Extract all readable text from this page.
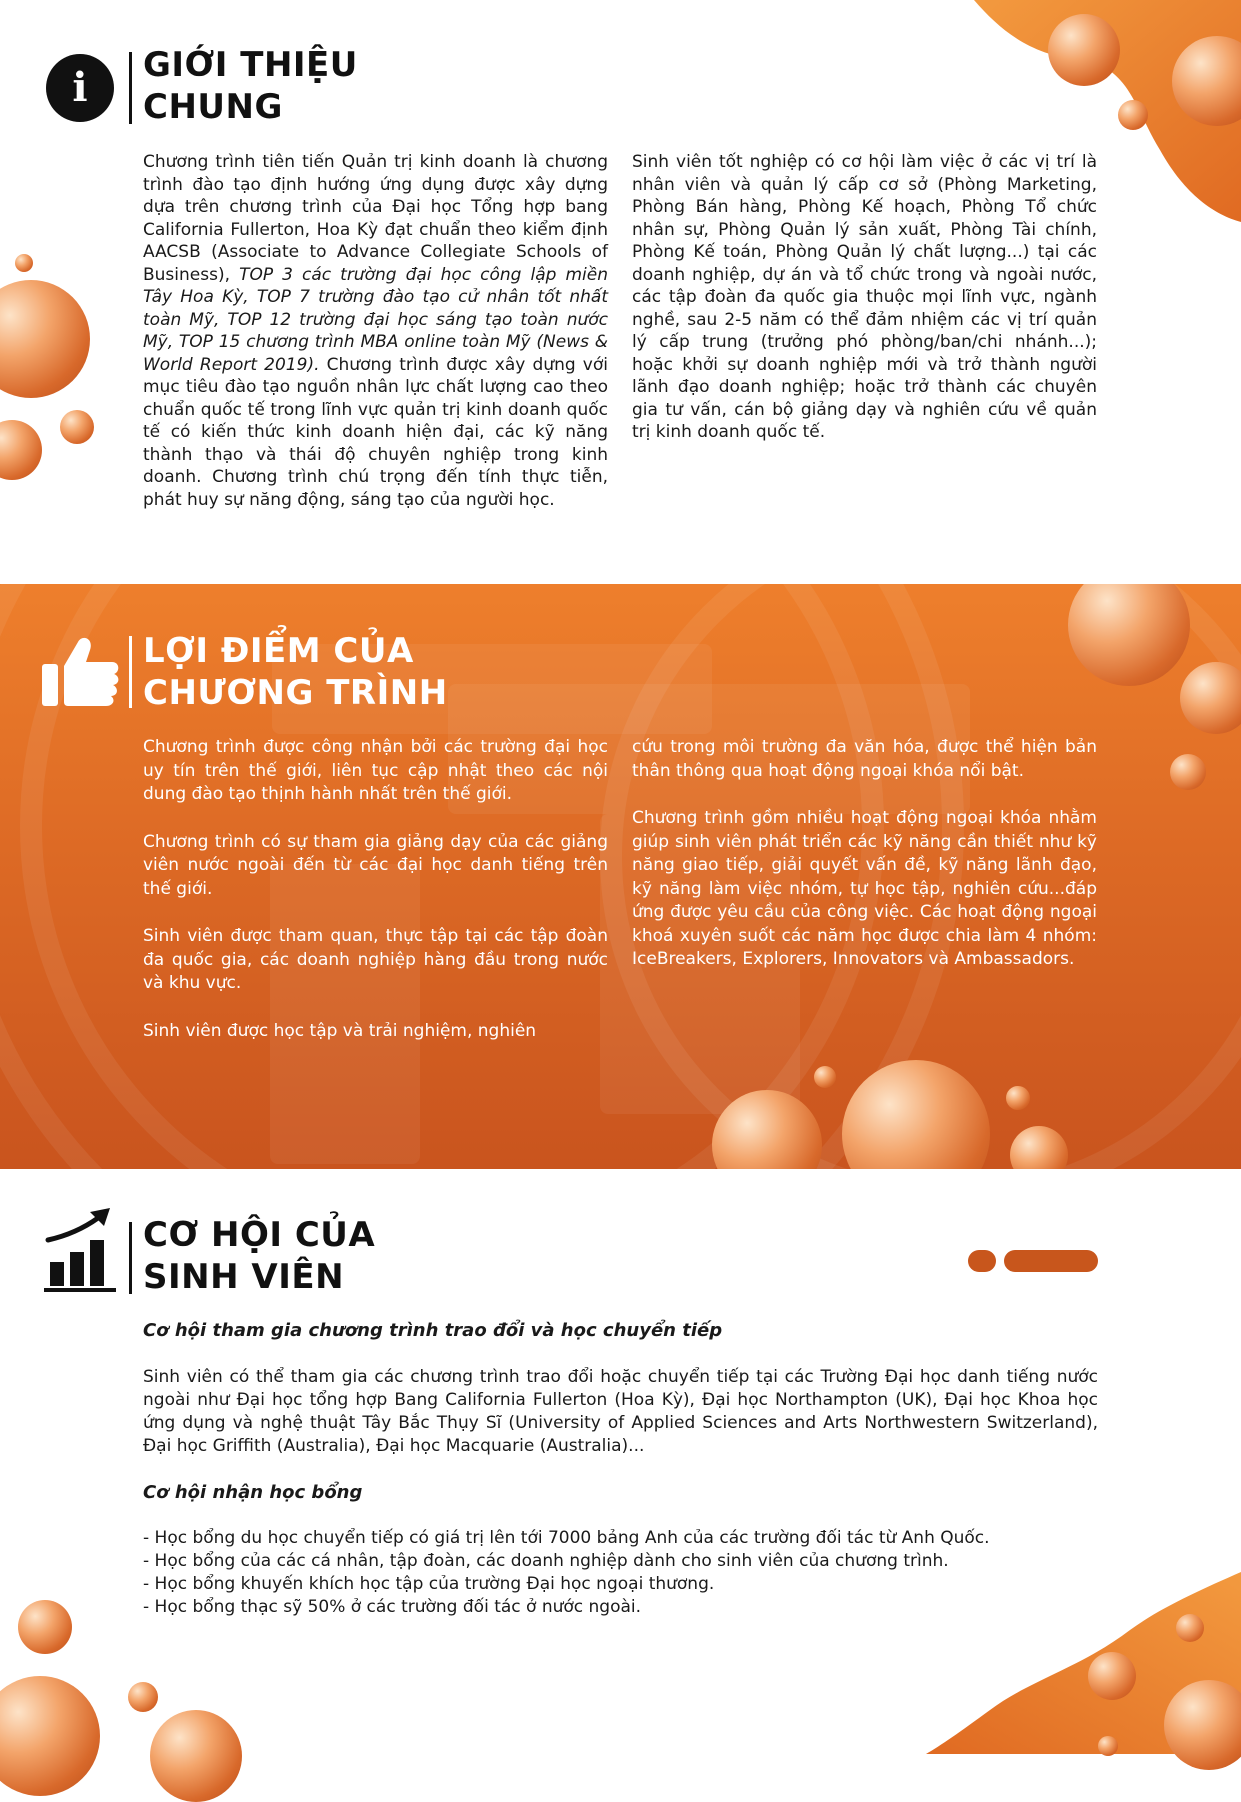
i	GIỚI THIỆU
CHUNG
Chương trình tiên tiến Quản trị kinh doanh là chương trình đào tạo định hướng ứng dụng được xây dựng dựa trên chương trình của Đại học Tổng hợp bang California Fullerton, Hoa Kỳ đạt chuẩn theo kiểm định AACSB (Associate to Advance Collegiate Schools of Business), TOP 3 các trường đại học công lập miền Tây Hoa Kỳ, TOP 7 trường đào tạo cử nhân tốt nhất toàn Mỹ, TOP 12 trường đại học sáng tạo toàn nước Mỹ, TOP 15 chương trình MBA online toàn Mỹ (News & World Report 2019). Chương trình được xây dựng với mục tiêu đào tạo nguồn nhân lực chất lượng cao theo chuẩn quốc tế trong lĩnh vực quản trị kinh doanh quốc tế có kiến thức kinh doanh hiện đại, các kỹ năng thành thạo và thái độ chuyên nghiệp trong kinh doanh. Chương trình chú trọng đến tính thực tiễn, phát huy sự năng động, sáng tạo của người học.
Sinh viên tốt nghiệp có cơ hội làm việc ở các vị trí là nhân viên và quản lý cấp cơ sở (Phòng Marketing, Phòng Bán hàng, Phòng Kế hoạch, Phòng Tổ chức nhân sự, Phòng Quản lý sản xuất, Phòng Tài chính, Phòng Kế toán, Phòng Quản lý chất lượng...) tại các doanh nghiệp, dự án và tổ chức trong và ngoài nước, các tập đoàn đa quốc gia thuộc mọi lĩnh vực, ngành nghề, sau 2-5 năm có thể đảm nhiệm các vị trí quản lý cấp trung (trưởng phó phòng/ban/chi nhánh...); hoặc khởi sự doanh nghiệp mới và trở thành người lãnh đạo doanh nghiệp; hoặc trở thành các chuyên gia tư vấn, cán bộ giảng dạy và nghiên cứu về quản trị kinh doanh quốc tế.
LỢI ĐIỂM CỦA
CHƯƠNG TRÌNH

Chương trình được công nhận bởi các trường đại học uy tín trên thế giới, liên tục cập nhật theo các nội dung đào tạo thịnh hành nhất trên thế giới.

Chương trình có sự tham gia giảng dạy của các giảng viên nước ngoài đến từ các đại học danh tiếng trên thế giới.

Sinh viên được tham quan, thực tập tại các tập đoàn đa quốc gia, các doanh nghiệp hàng đầu trong nước và khu vực.

Sinh viên được học tập và trải nghiệm, nghiên

cứu trong môi trường đa văn hóa, được thể hiện bản thân thông qua hoạt động ngoại khóa nổi bật.

Chương trình gồm nhiều hoạt động ngoại khóa nhằm giúp sinh viên phát triển các kỹ năng cần thiết như kỹ năng giao tiếp, giải quyết vấn đề, kỹ năng lãnh đạo, kỹ năng làm việc nhóm, tự học tập, nghiên cứu...đáp ứng được yêu cầu của công việc. Các hoạt động ngoại khoá xuyên suốt các năm học được chia làm 4 nhóm: IceBreakers, Explorers, Innovators và Ambassadors.

CƠ HỘI CỦA
SINH VIÊN

Cơ hội tham gia chương trình trao đổi và học chuyển tiếp

Sinh viên có thể tham gia các chương trình trao đổi hoặc chuyển tiếp tại các Trường Đại học danh tiếng nước ngoài như Đại học tổng hợp Bang California Fullerton (Hoa Kỳ), Đại học Northampton (UK), Đại học Khoa học ứng dụng và nghệ thuật Tây Bắc Thụy Sĩ (University of Applied Sciences and Arts Northwestern Switzerland), Đại học Griffith (Australia), Đại học Macquarie (Australia)...

Cơ hội nhận học bổng

- Học bổng du học chuyển tiếp có giá trị lên tới 7000 bảng Anh của các trường đối tác từ Anh Quốc.
- Học bổng của các cá nhân, tập đoàn, các doanh nghiệp dành cho sinh viên của chương trình.
- Học bổng khuyến khích học tập của trường Đại học ngoại thương.
- Học bổng thạc sỹ 50% ở các trường đối tác ở nước ngoài.
